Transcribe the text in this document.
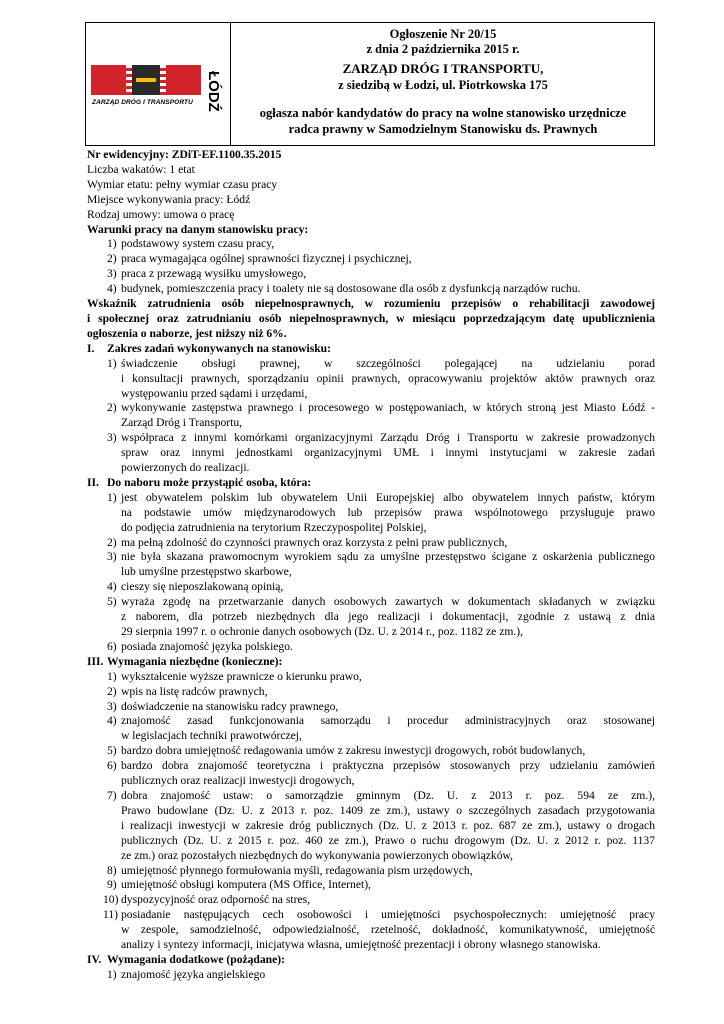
ŁÓDŹ
ZARZĄD DRÓG I TRANSPORTU
Ogłoszenie Nr 20/15
z dnia 2 października 2015 r.
ZARZĄD DRÓG I TRANSPORTU,
z siedzibą w Łodzi, ul. Piotrkowska 175
ogłasza nabór kandydatów do pracy na wolne stanowisko urzędnicze
radca prawny w Samodzielnym Stanowisku ds. Prawnych
Nr ewidencyjny: ZDiT-EF.1100.35.2015
Liczba wakatów: 1 etat
Wymiar etatu: pełny wymiar czasu pracy
Miejsce wykonywania pracy: Łódź
Rodzaj umowy: umowa o pracę
Warunki pracy na danym stanowisku pracy:
1) podstawowy system czasu pracy,
2) praca wymagająca ogólnej sprawności fizycznej i psychicznej,
3) praca z przewagą wysiłku umysłowego,
4) budynek, pomieszczenia pracy i toalety nie są dostosowane dla osób z dysfunkcją narządów ruchu.
Wskaźnik zatrudnienia osób niepełnosprawnych, w rozumieniu przepisów o rehabilitacji zawodowej
i społecznej oraz zatrudnianiu osób niepełnosprawnych, w miesiącu poprzedzającym datę upublicznienia
ogłoszenia o naborze, jest niższy niż 6%.
I. Zakres zadań wykonywanych na stanowisku:
1) świadczenie obsługi prawnej, w szczególności polegającej na udzielaniu porad
i konsultacji prawnych, sporządzaniu opinii prawnych, opracowywaniu projektów aktów prawnych oraz
występowaniu przed sądami i urzędami,
2) wykonywanie zastępstwa prawnego i procesowego w postępowaniach, w których stroną jest Miasto Łódź -
Zarząd Dróg i Transportu,
3) współpraca z innymi komórkami organizacyjnymi Zarządu Dróg i Transportu w zakresie prowadzonych
spraw oraz innymi jednostkami organizacyjnymi UMŁ i innymi instytucjami w zakresie zadań
powierzonych do realizacji.
II. Do naboru może przystąpić osoba, która:
1) jest obywatelem polskim lub obywatelem Unii Europejskiej albo obywatelem innych państw, którym
na podstawie umów międzynarodowych lub przepisów prawa wspólnotowego przysługuje prawo
do podjęcia zatrudnienia na terytorium Rzeczypospolitej Polskiej,
2) ma pełną zdolność do czynności prawnych oraz korzysta z pełni praw publicznych,
3) nie była skazana prawomocnym wyrokiem sądu za umyślne przestępstwo ścigane z oskarżenia publicznego
lub umyślne przestępstwo skarbowe,
4) cieszy się nieposzlakowaną opinią,
5) wyraża zgodę na przetwarzanie danych osobowych zawartych w dokumentach składanych w związku
z naborem, dla potrzeb niezbędnych dla jego realizacji i dokumentacji, zgodnie z ustawą z dnia
29 sierpnia 1997 r. o ochronie danych osobowych (Dz. U. z 2014 r., poz. 1182 ze zm.),
6) posiada znajomość języka polskiego.
III. Wymagania niezbędne (konieczne):
1) wykształcenie wyższe prawnicze o kierunku prawo,
2) wpis na listę radców prawnych,
3) doświadczenie na stanowisku radcy prawnego,
4) znajomość zasad funkcjonowania samorządu i procedur administracyjnych oraz stosowanej
w legislacjach techniki prawotwórczej,
5) bardzo dobra umiejętność redagowania umów z zakresu inwestycji drogowych, robót budowlanych,
6) bardzo dobra znajomość teoretyczna i praktyczna przepisów stosowanych przy udzielaniu zamówień
publicznych oraz realizacji inwestycji drogowych,
7) dobra znajomość ustaw: o samorządzie gminnym (Dz. U. z 2013 r. poz. 594 ze zm.),
Prawo budowlane (Dz. U. z 2013 r. poz. 1409 ze zm.), ustawy o szczególnych zasadach przygotowania
i realizacji inwestycji w zakresie dróg publicznych (Dz. U. z 2013 r. poz. 687 ze zm.), ustawy o drogach
publicznych (Dz. U. z 2015 r. poz. 460 ze zm.), Prawo o ruchu drogowym (Dz. U. z 2012 r. poz. 1137
ze zm.) oraz pozostałych niezbędnych do wykonywania powierzonych obowiązków,
8) umiejętność płynnego formułowania myśli, redagowania pism urzędowych,
9) umiejętność obsługi komputera (MS Office, Internet),
10) dyspozycyjność oraz odporność na stres,
11) posiadanie następujących cech osobowości i umiejętności psychospołecznych: umiejętność pracy
w zespole, samodzielność, odpowiedzialność, rzetelność, dokładność, komunikatywność, umiejętność
analizy i syntezy informacji, inicjatywa własna, umiejętność prezentacji i obrony własnego stanowiska.
IV. Wymagania dodatkowe (pożądane):
1) znajomość języka angielskiego
